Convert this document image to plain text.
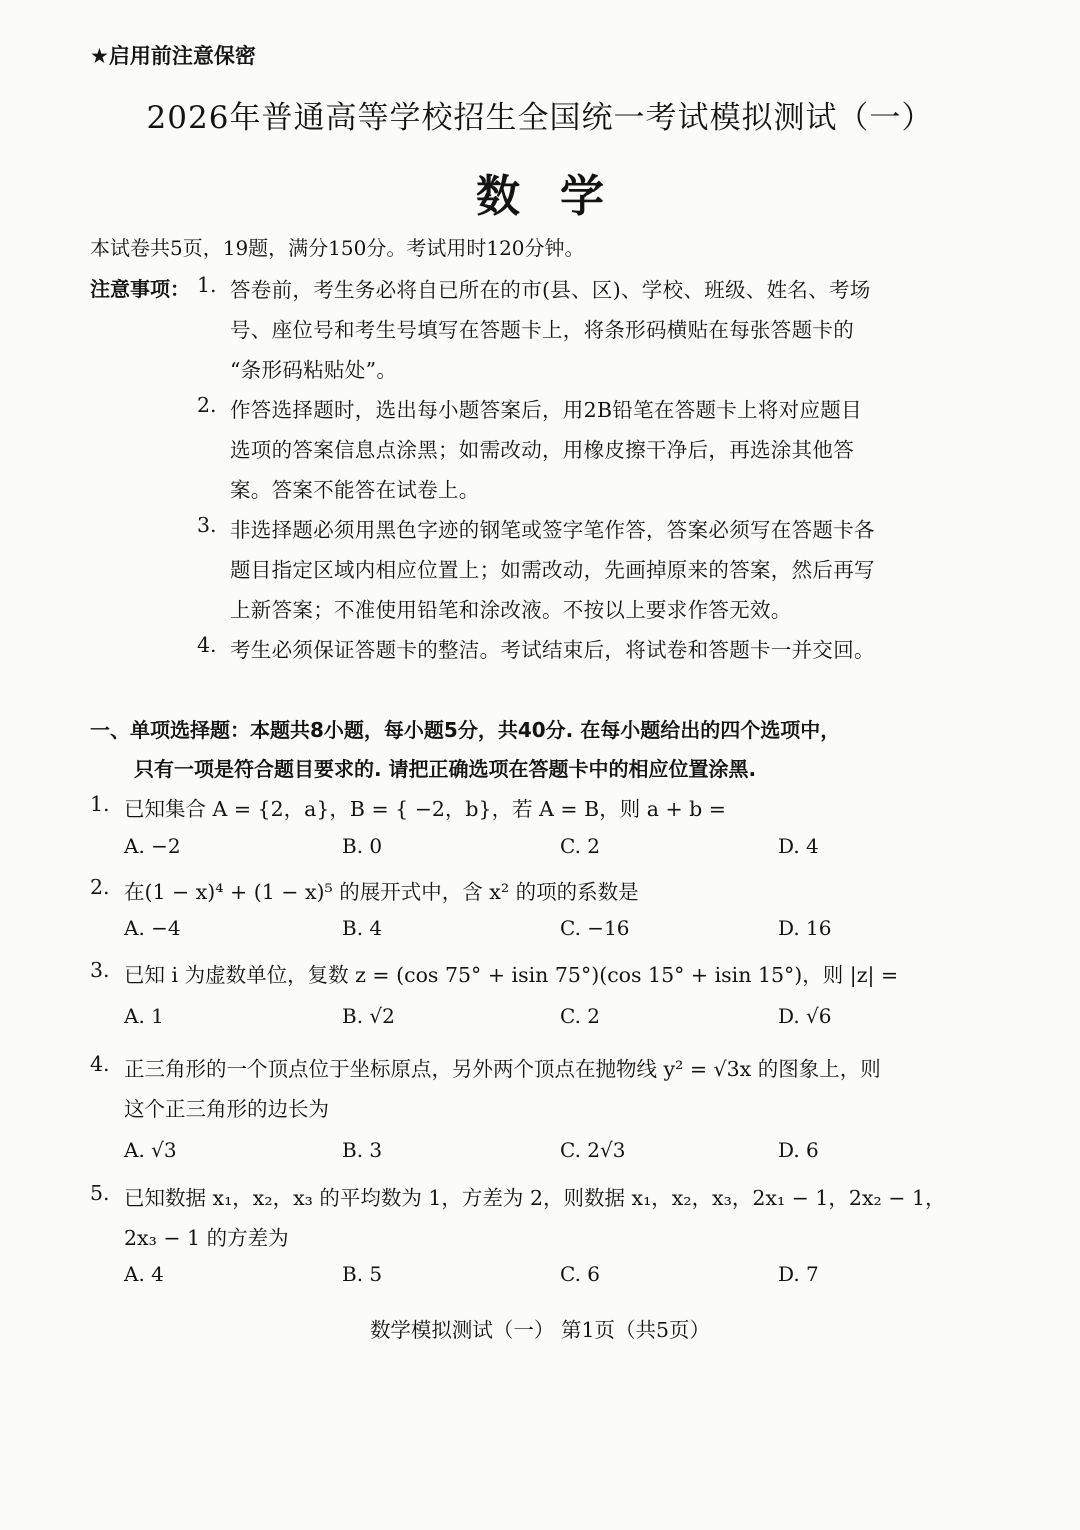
★启用前注意保密
2026年普通高等学校招生全国统一考试模拟测试（一）
数学
本试卷共5页，19题，满分150分。考试用时120分钟。
注意事项： 1. 答卷前，考生务必将自已所在的市(县、区)、学校、班级、姓名、考场
号、座位号和考生号填写在答题卡上，将条形码横贴在每张答题卡的
“条形码粘贴处”。
2. 作答选择题时，选出每小题答案后，用2B铅笔在答题卡上将对应题目
选项的答案信息点涂黑；如需改动，用橡皮擦干净后，再选涂其他答
案。答案不能答在试卷上。
3. 非选择题必须用黑色字迹的钢笔或签字笔作答，答案必须写在答题卡各
题目指定区域内相应位置上；如需改动，先画掉原来的答案，然后再写
上新答案；不准使用铅笔和涂改液。不按以上要求作答无效。
4. 考生必须保证答题卡的整洁。考试结束后，将试卷和答题卡一并交回。
一、单项选择题：本题共8小题，每小题5分，共40分. 在每小题给出的四个选项中，
只有一项是符合题目要求的. 请把正确选项在答题卡中的相应位置涂黑.
1. 已知集合 A = {2，a}，B = { −2，b}，若 A = B，则 a + b =
A. −2	B. 0	C. 2	D. 4
2. 在(1 − x)⁴ + (1 − x)⁵ 的展开式中，含 x² 的项的系数是
A. −4	B. 4	C. −16	D. 16
3. 已知 i 为虚数单位，复数 z = (cos 75° + isin 75°)(cos 15° + isin 15°)，则 |z| =
A. 1	B. √2	C. 2	D. √6
4. 正三角形的一个顶点位于坐标原点，另外两个顶点在抛物线 y² = √3x 的图象上，则
这个正三角形的边长为
A. √3	B. 3	C. 2√3	D. 6
5. 已知数据 x₁，x₂，x₃ 的平均数为 1，方差为 2，则数据 x₁，x₂，x₃，2x₁ − 1，2x₂ − 1，
2x₃ − 1 的方差为
A. 4	B. 5	C. 6	D. 7
数学模拟测试（一） 第1页（共5页）
